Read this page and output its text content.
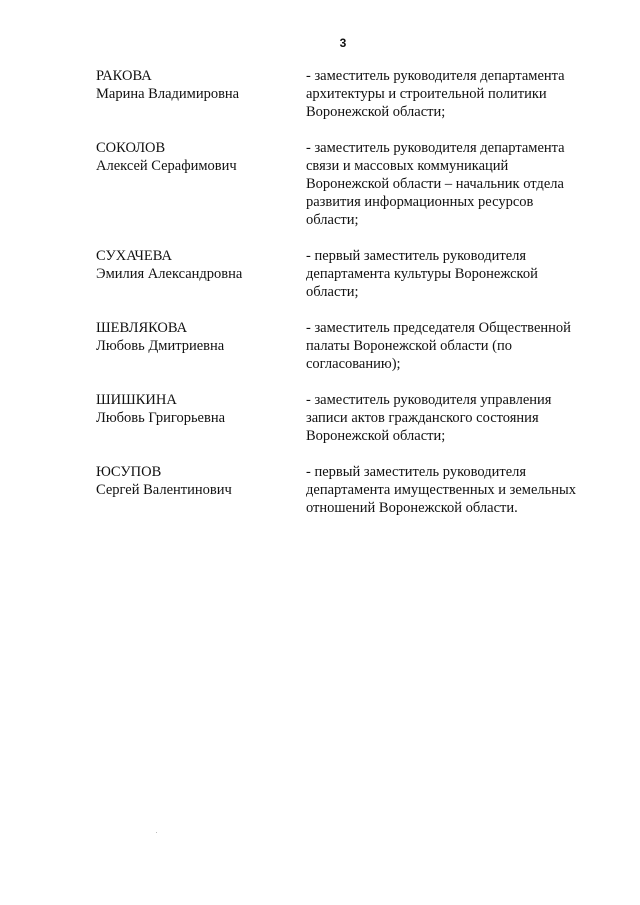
3
РАКОВА
Марина Владимировна
- заместитель руководителя департамента
архитектуры и строительной политики
Воронежской области;
СОКОЛОВ
Алексей Серафимович
- заместитель руководителя департамента
связи и массовых коммуникаций
Воронежской области – начальник отдела
развития информационных ресурсов
области;
СУХАЧЕВА
Эмилия Александровна
- первый заместитель руководителя
департамента культуры Воронежской
области;
ШЕВЛЯКОВА
Любовь Дмитриевна
- заместитель председателя Общественной
палаты Воронежской области (по
согласованию);
ШИШКИНА
Любовь Григорьевна
- заместитель руководителя управления
записи актов гражданского состояния
Воронежской области;
ЮСУПОВ
Сергей Валентинович
- первый заместитель руководителя
департамента имущественных и земельных
отношений Воронежской области.
